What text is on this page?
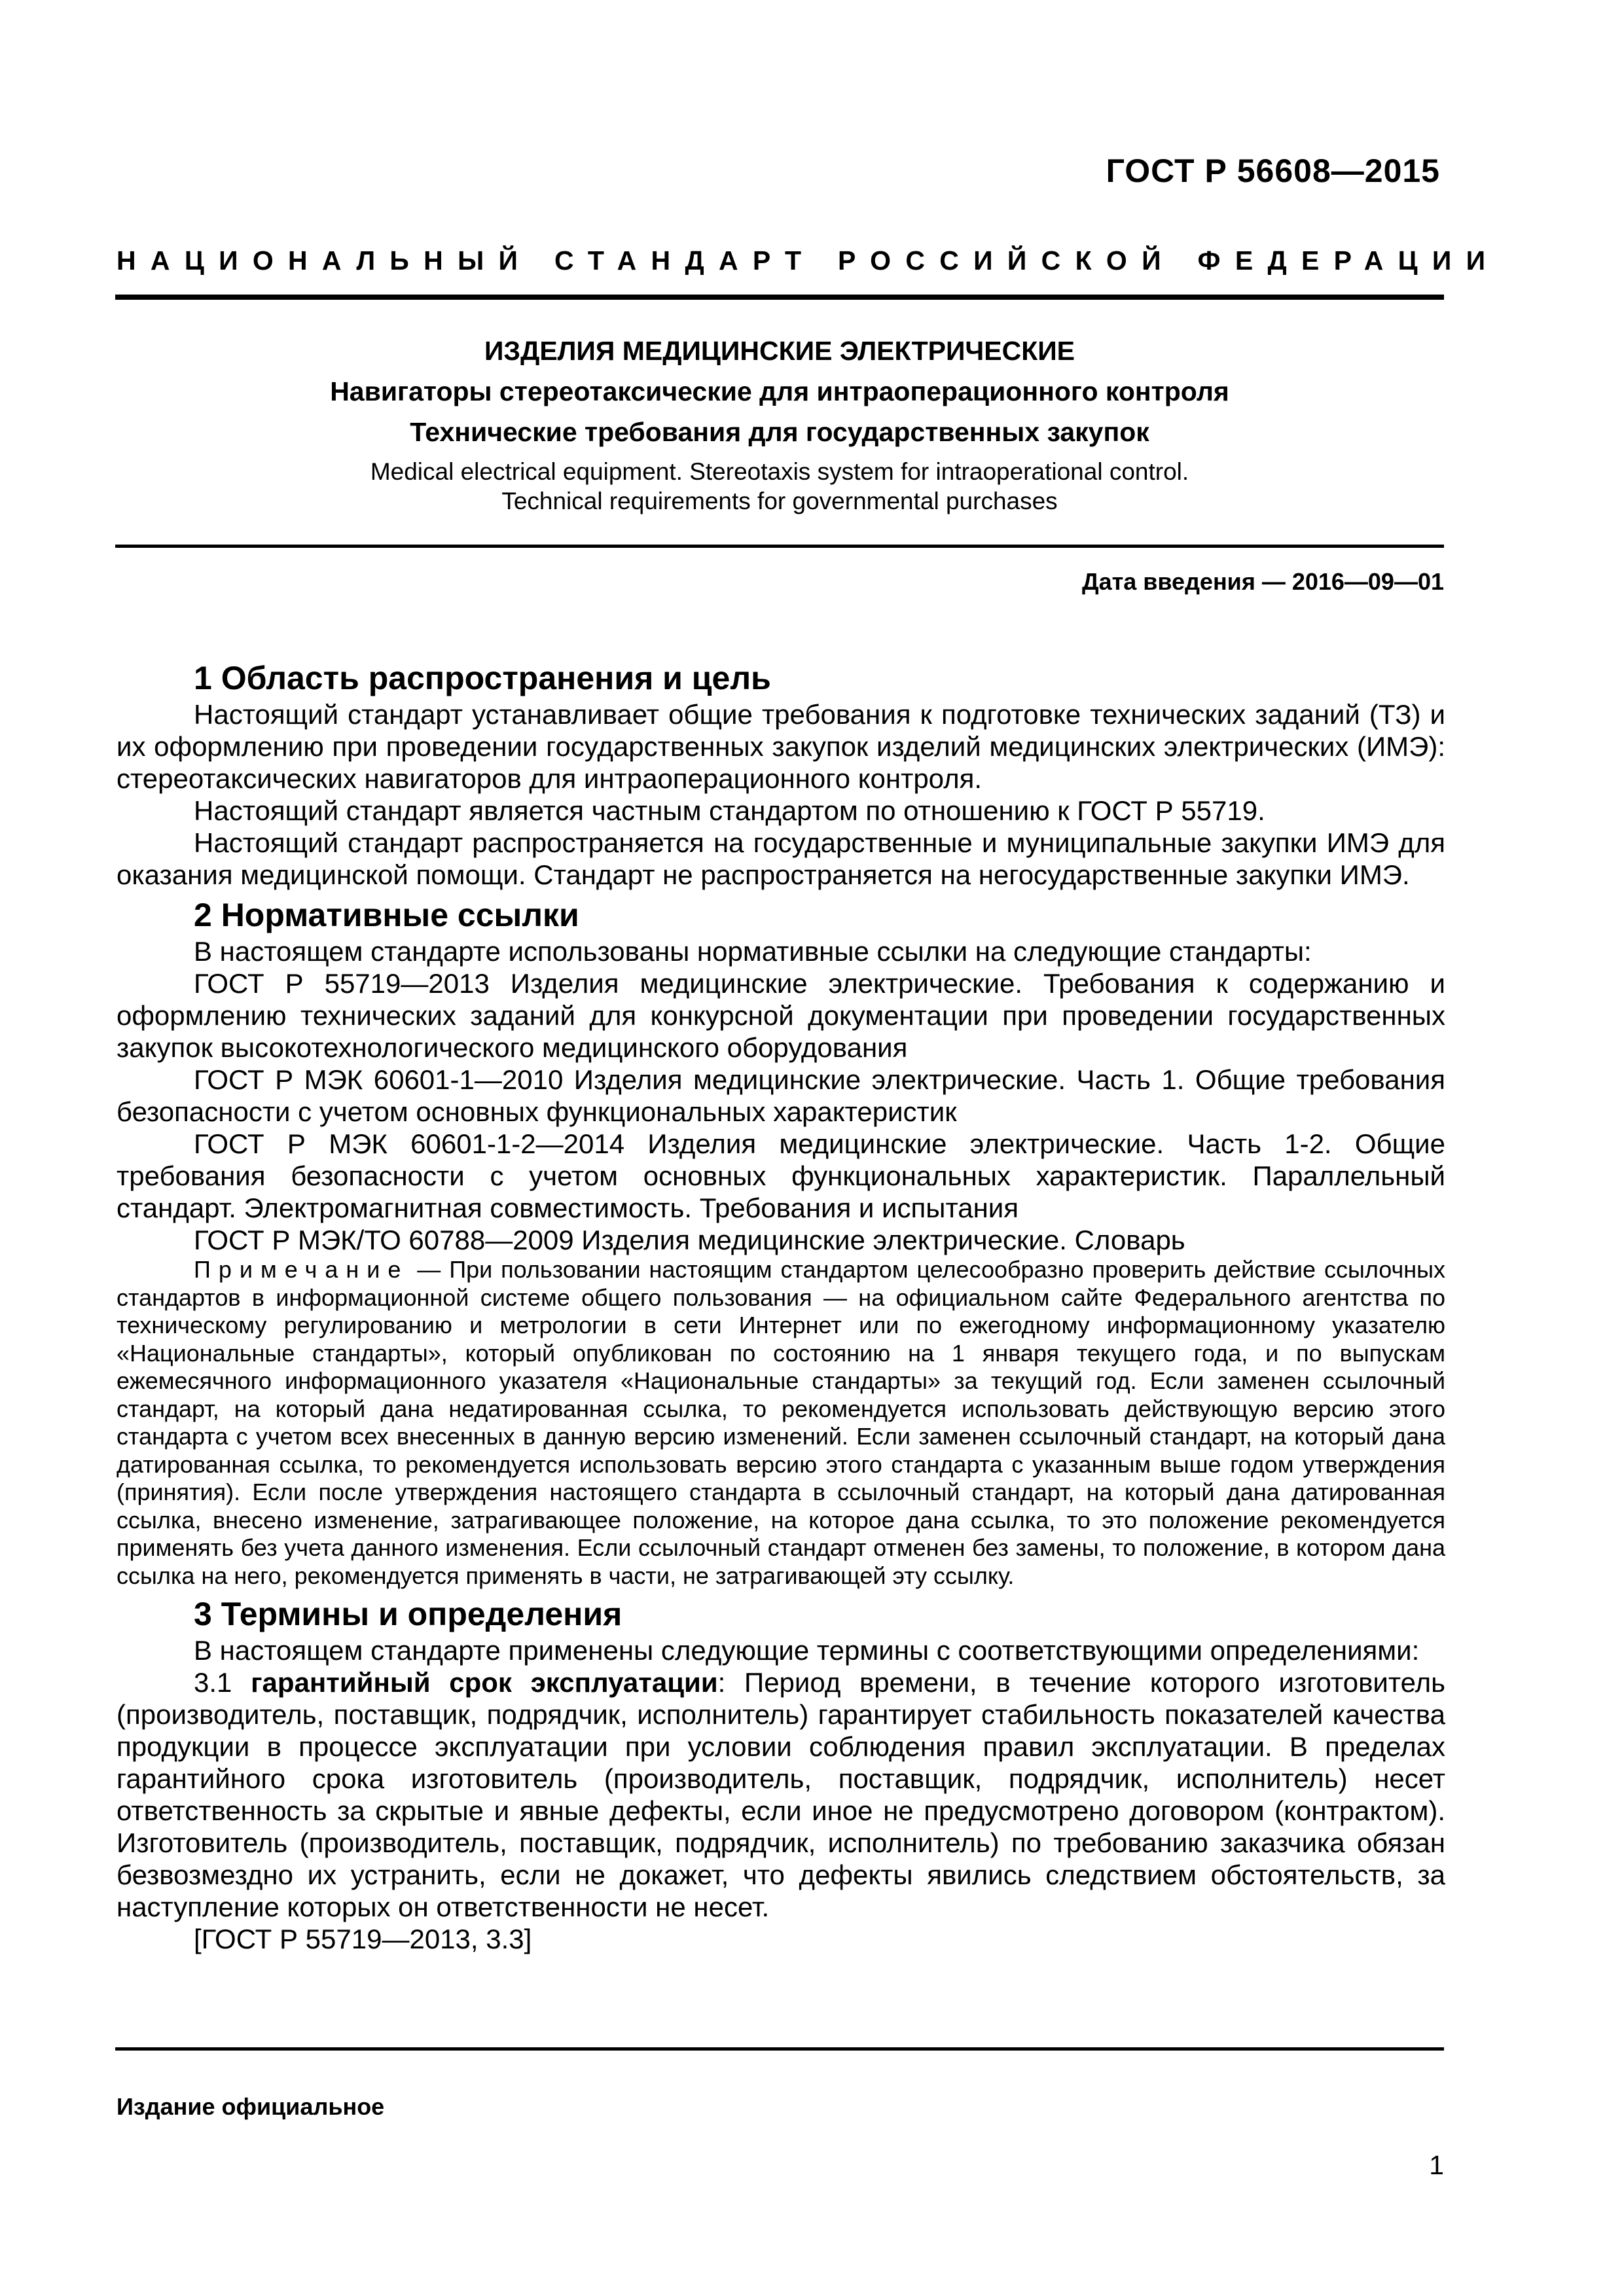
ГОСТ Р 56608—2015
НАЦИОНАЛЬНЫЙ СТАНДАРТ РОССИЙСКОЙ ФЕДЕРАЦИИ
ИЗДЕЛИЯ МЕДИЦИНСКИЕ ЭЛЕКТРИЧЕСКИЕ
Навигаторы стереотаксические для интраоперационного контроля
Технические требования для государственных закупок
Medical electrical equipment. Stereotaxis system for intraoperational control.
Technical requirements for governmental purchases
Дата введения — 2016—09—01
1 Область распространения и цель

Настоящий стандарт устанавливает общие требования к подготовке технических заданий (ТЗ) и их оформлению при проведении государственных закупок изделий медицинских электрических (ИМЭ): стереотаксических навигаторов для интраоперационного контроля.

Настоящий стандарт является частным стандартом по отношению к ГОСТ Р 55719.

Настоящий стандарт распространяется на государственные и муниципальные закупки ИМЭ для оказания медицинской помощи. Стандарт не распространяется на негосударственные закупки ИМЭ.

2 Нормативные ссылки

В настоящем стандарте использованы нормативные ссылки на следующие стандарты:

ГОСТ Р 55719—2013 Изделия медицинские электрические. Требования к содержанию и оформлению технических заданий для конкурсной документации при проведении государственных закупок высокотехнологического медицинского оборудования

ГОСТ Р МЭК 60601-1—2010 Изделия медицинские электрические. Часть 1. Общие требования безопасности с учетом основных функциональных характеристик

ГОСТ Р МЭК 60601-1-2—2014 Изделия медицинские электрические. Часть 1-2. Общие требования безопасности с учетом основных функциональных характеристик. Параллельный стандарт. Электромагнитная совместимость. Требования и испытания

ГОСТ Р МЭК/ТО 60788—2009 Изделия медицинские электрические. Словарь

Примечание — При пользовании настоящим стандартом целесообразно проверить действие ссылочных стандартов в информационной системе общего пользования — на официальном сайте Федерального агентства по техническому регулированию и метрологии в сети Интернет или по ежегодному информационному указателю «Национальные стандарты», который опубликован по состоянию на 1 января текущего года, и по выпускам ежемесячного информационного указателя «Национальные стандарты» за текущий год. Если заменен ссылочный стандарт, на который дана недатированная ссылка, то рекомендуется использовать действующую версию этого стандарта с учетом всех внесенных в данную версию изменений. Если заменен ссылочный стандарт, на который дана датированная ссылка, то рекомендуется использовать версию этого стандарта с указанным выше годом утверждения (принятия). Если после утверждения настоящего стандарта в ссылочный стандарт, на который дана датированная ссылка, внесено изменение, затрагивающее положение, на которое дана ссылка, то это положение рекомендуется применять без учета данного изменения. Если ссылочный стандарт отменен без замены, то положение, в котором дана ссылка на него, рекомендуется применять в части, не затрагивающей эту ссылку.

3 Термины и определения

В настоящем стандарте применены следующие термины с соответствующими определениями:

3.1 гарантийный срок эксплуатации: Период времени, в течение которого изготовитель (производитель, поставщик, подрядчик, исполнитель) гарантирует стабильность показателей качества продукции в процессе эксплуатации при условии соблюдения правил эксплуатации. В пределах гарантийного срока изготовитель (производитель, поставщик, подрядчик, исполнитель) несет ответственность за скрытые и явные дефекты, если иное не предусмотрено договором (контрактом). Изготовитель (производитель, поставщик, подрядчик, исполнитель) по требованию заказчика обязан безвозмездно их устранить, если не докажет, что дефекты явились следствием обстоятельств, за наступление которых он ответственности не несет.

[ГОСТ Р 55719—2013, 3.3]

Издание официальное
1
